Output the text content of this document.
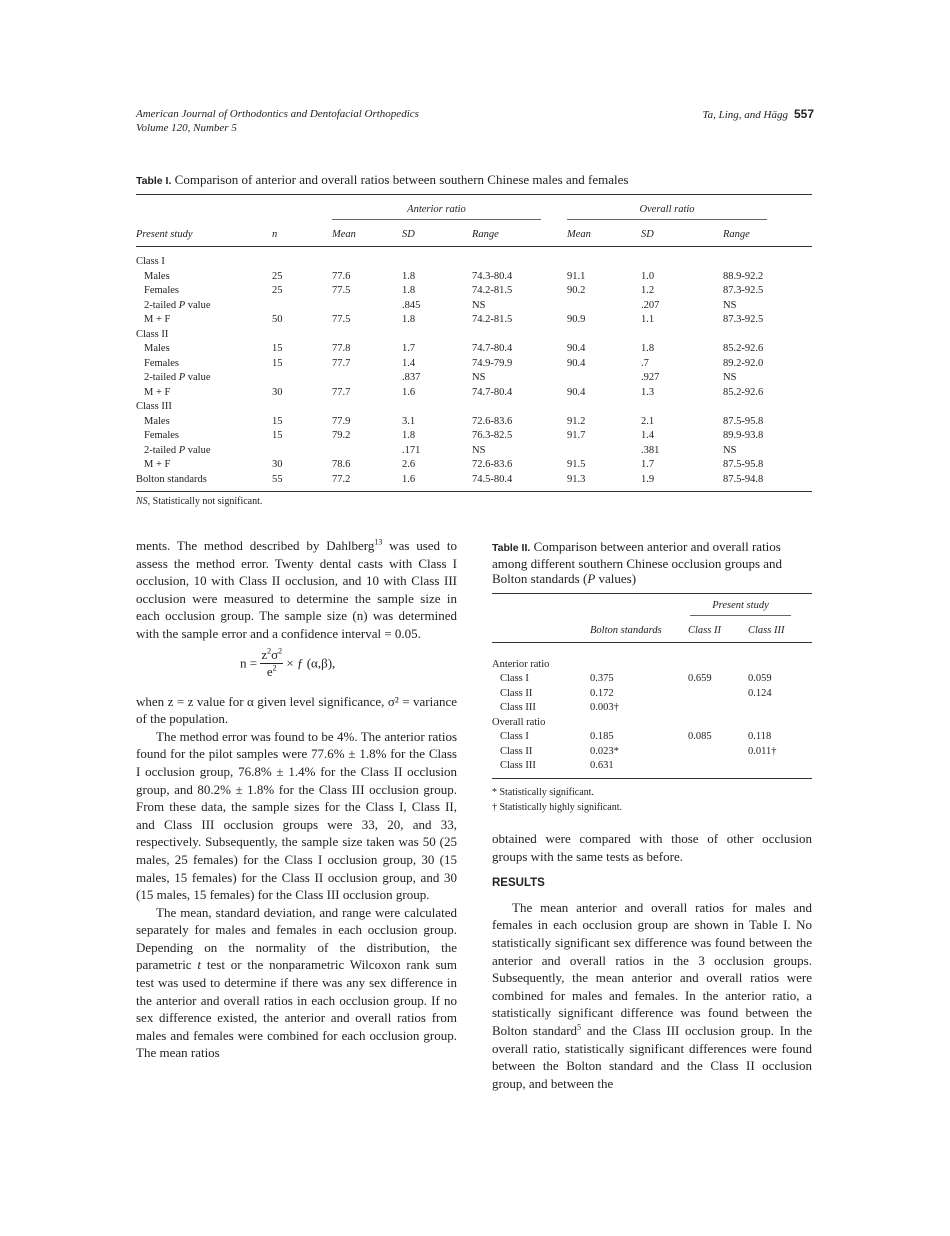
American Journal of Orthodontics and Dentofacial Orthopedics
Volume 120, Number 5
Ta, Ling, and Hägg 557
Table I. Comparison of anterior and overall ratios between southern Chinese males and females

		Anterior ratio			Overall ratio		

Present study	n	Mean	SD	Range	Mean	SD	Range

Class I							
Males	25	77.6	1.8	74.3-80.4	91.1	1.0	88.9-92.2
Females	25	77.5	1.8	74.2-81.5	90.2	1.2	87.3-92.5
2-tailed P value			.845	NS		.207	NS
M + F	50	77.5	1.8	74.2-81.5	90.9	1.1	87.3-92.5
Class II							
Males	15	77.8	1.7	74.7-80.4	90.4	1.8	85.2-92.6
Females	15	77.7	1.4	74.9-79.9	90.4	.7	89.2-92.0
2-tailed P value			.837	NS		.927	NS
M + F	30	77.7	1.6	74.7-80.4	90.4	1.3	85.2-92.6
Class III							
Males	15	77.9	3.1	72.6-83.6	91.2	2.1	87.5-95.8
Females	15	79.2	1.8	76.3-82.5	91.7	1.4	89.9-93.8
2-tailed P value			.171	NS		.381	NS
M + F	30	78.6	2.6	72.6-83.6	91.5	1.7	87.5-95.8
Bolton standards	55	77.2	1.6	74.5-80.4	91.3	1.9	87.5-94.8

NS, Statistically not significant.

ments. The method described by Dahlberg$^{13}$ was used to assess the method error. Twenty dental casts with Class I occlusion, 10 with Class II occlusion, and 10 with Class III occlusion were measured to determine the sample size in each occlusion group. The sample size (n) was determined with the sample error and a confidence interval = 0.05.

$n = \frac{z^2\sigma^2}{e^2}$ × ƒ (α,β),

when z = z value for α given level significance, σ² = variance of the population.

The method error was found to be 4%. The anterior ratios found for the pilot samples were 77.6% ± 1.8% for the Class I occlusion group, 76.8% ± 1.4% for the Class II occlusion group, and 80.2% ± 1.8% for the Class III occlusion group. From these data, the sample sizes for the Class I, Class II, and Class III occlusion groups were 33, 20, and 33, respectively. Subsequently, the sample size taken was 50 (25 males, 25 females) for the Class I occlusion group, 30 (15 males, 15 females) for the Class II occlusion group, and 30 (15 males, 15 females) for the Class III occlusion group.

The mean, standard deviation, and range were calculated separately for males and females in each occlusion group. Depending on the normality of the distribution, the parametric t test or the nonparametric Wilcoxon rank sum test was used to determine if there was any sex difference in the anterior and overall ratios in each occlusion group. If no sex difference existed, the anterior and overall ratios from males and females were combined for each occlusion group. The mean ratios

Table II. Comparison between anterior and overall ratios among different southern Chinese occlusion groups and Bolton standards (P values)

		Present study	

	Bolton standards	Class II	Class III

Anterior ratio			
Class I	0.375	0.659	0.059
Class II	0.172		0.124
Class III	0.003†		
Overall ratio			
Class I	0.185	0.085	0.118
Class II	0.023*		0.011†
Class III	0.631		

* Statistically significant.
† Statistically highly significant.

obtained were compared with those of other occlusion groups with the same tests as before.

RESULTS

The mean anterior and overall ratios for males and females in each occlusion group are shown in Table I. No statistically significant sex difference was found between the anterior and overall ratios in the 3 occlusion groups. Subsequently, the mean anterior and overall ratios were combined for males and females. In the anterior ratio, a statistically significant difference was found between the Bolton standard$^5$ and the Class III occlusion group. In the overall ratio, statistically significant differences were found between the Bolton standard and the Class II occlusion group, and between the
